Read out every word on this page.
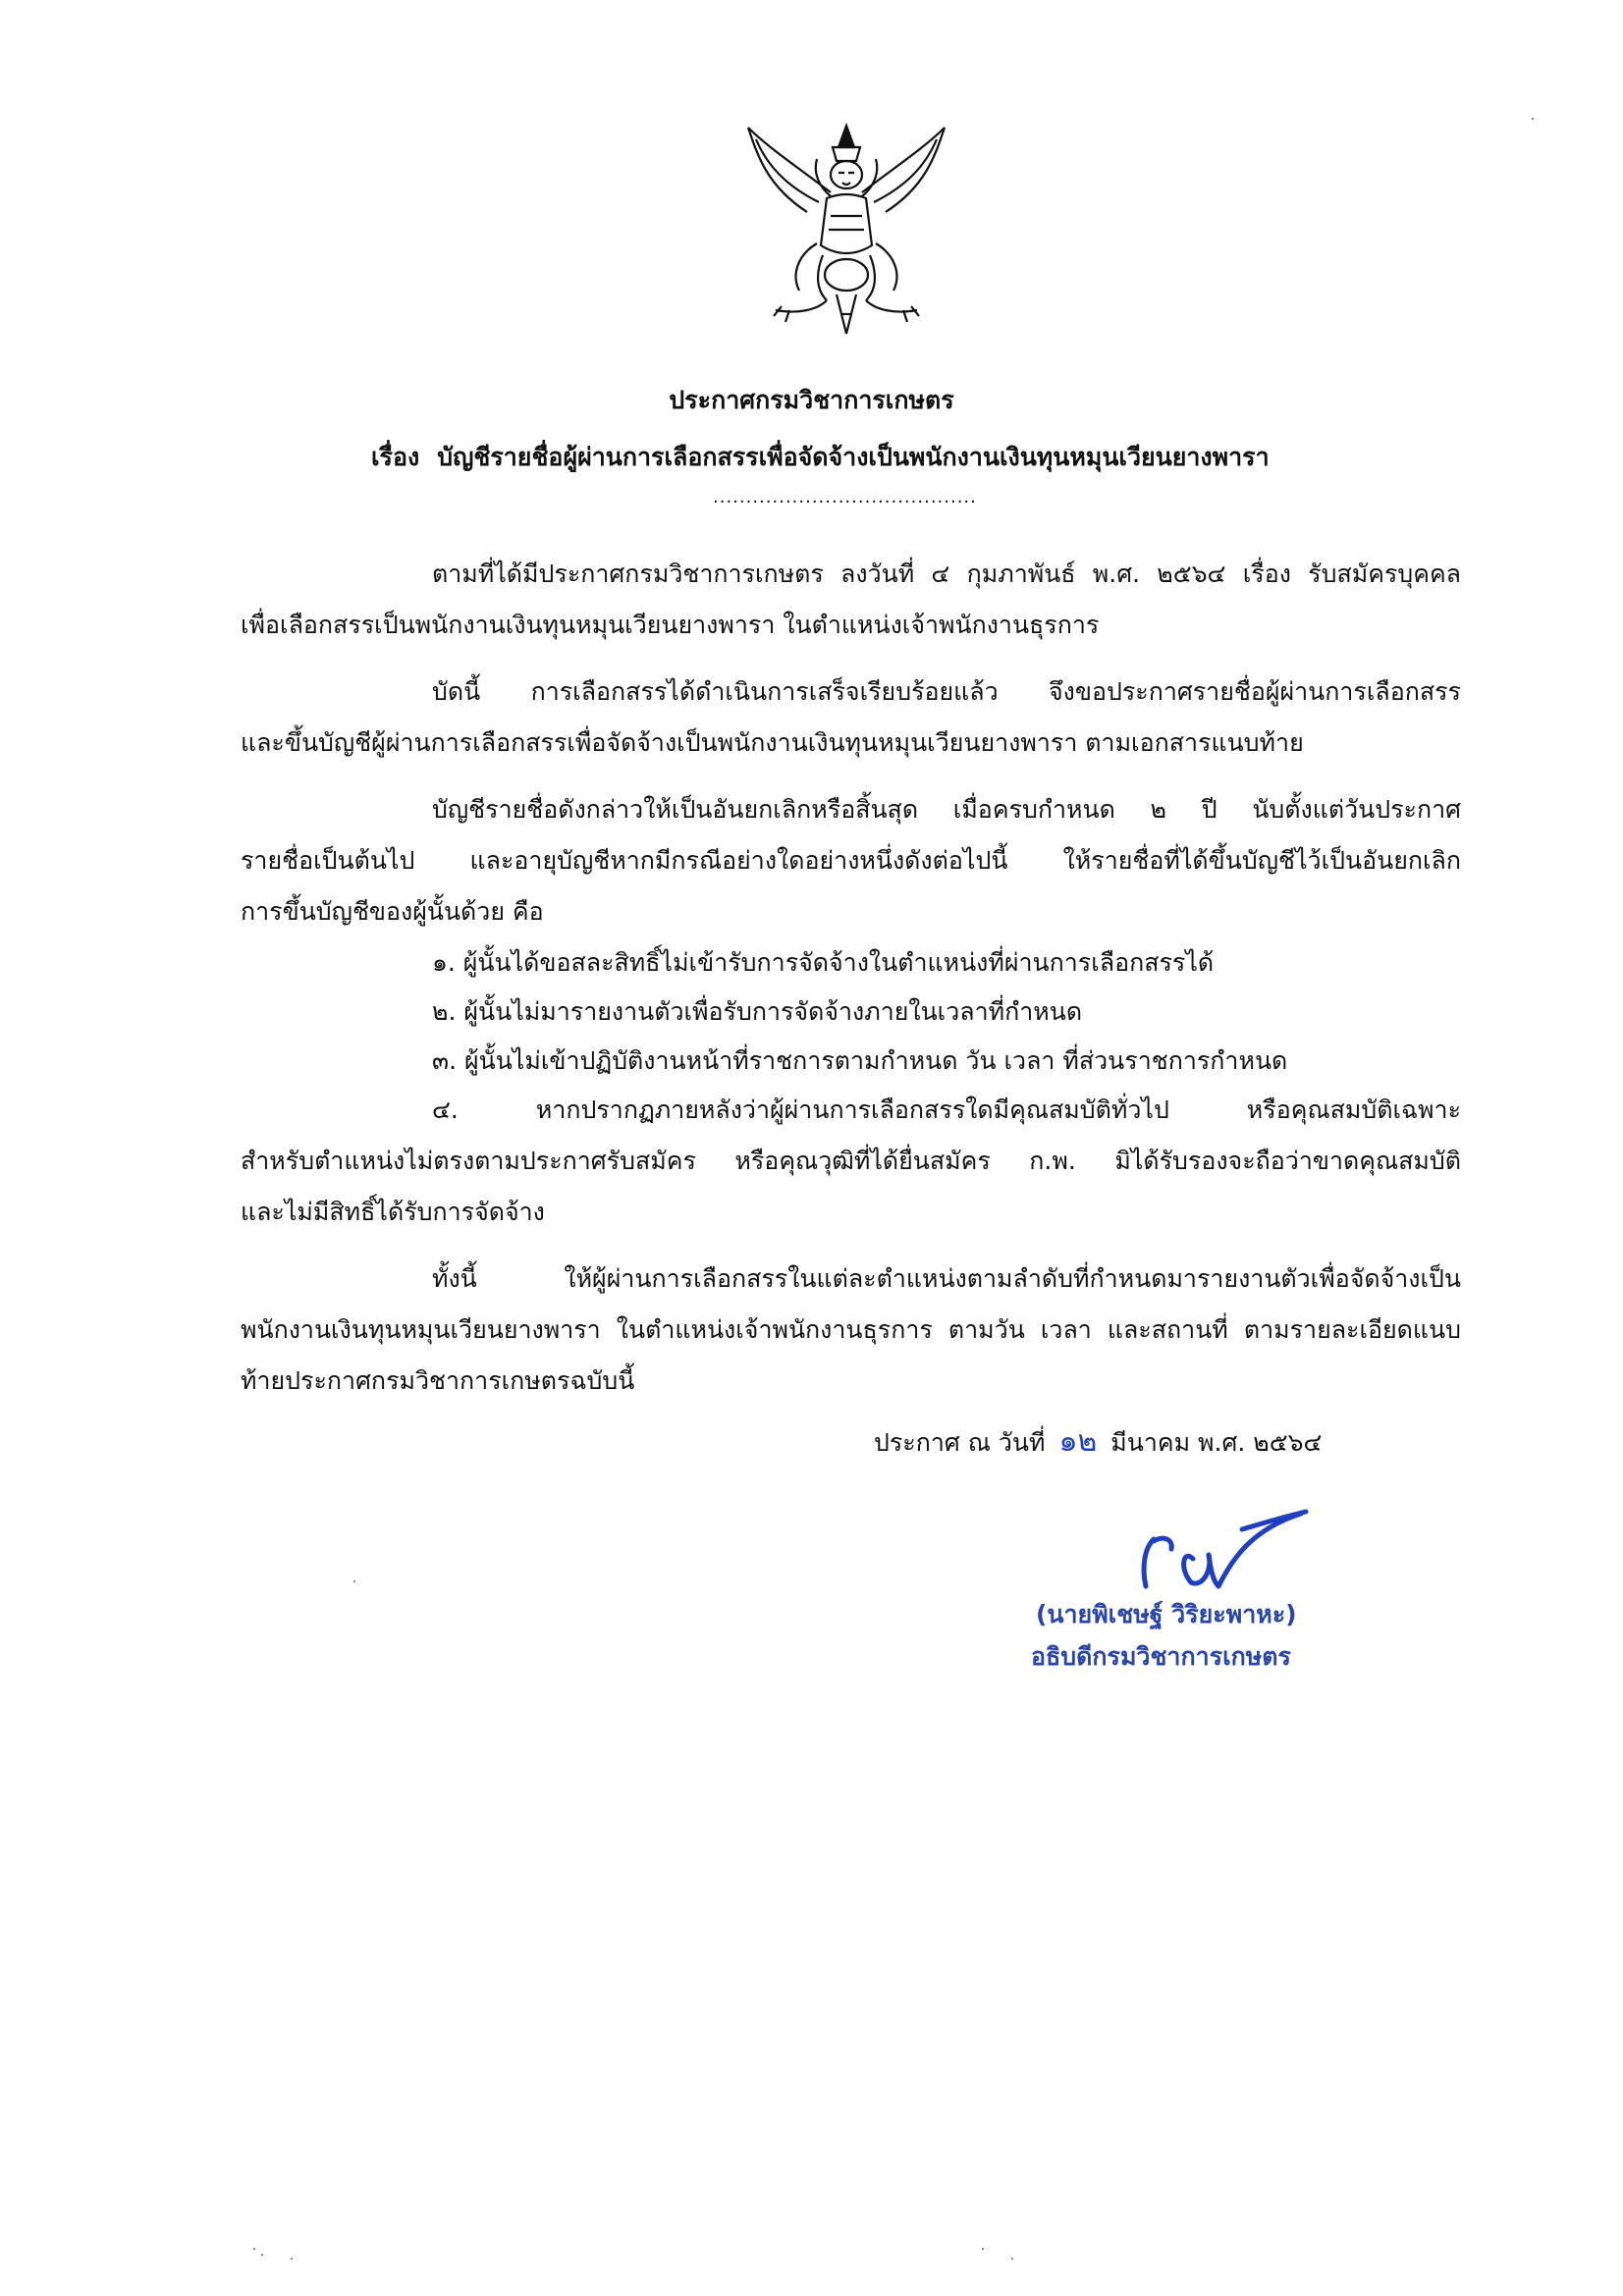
ประกาศกรมวิชาการเกษตร
เรื่อง บัญชีรายชื่อผู้ผ่านการเลือกสรรเพื่อจัดจ้างเป็นพนักงานเงินทุนหมุนเวียนยางพารา
........................................
ตามที่ได้มีประกาศกรมวิชาการเกษตร ลงวันที่ ๔ กุมภาพันธ์ พ.ศ. ๒๕๖๔ เรื่อง รับสมัครบุคคล
เพื่อเลือกสรรเป็นพนักงานเงินทุนหมุนเวียนยางพารา ในตำแหน่งเจ้าพนักงานธุรการ
บัดนี้ การเลือกสรรได้ดำเนินการเสร็จเรียบร้อยแล้ว จึงขอประกาศรายชื่อผู้ผ่านการเลือกสรร
และขึ้นบัญชีผู้ผ่านการเลือกสรรเพื่อจัดจ้างเป็นพนักงานเงินทุนหมุนเวียนยางพารา ตามเอกสารแนบท้าย
บัญชีรายชื่อดังกล่าวให้เป็นอันยกเลิกหรือสิ้นสุด เมื่อครบกำหนด ๒ ปี นับตั้งแต่วันประกาศ
รายชื่อเป็นต้นไป และอายุบัญชีหากมีกรณีอย่างใดอย่างหนึ่งดังต่อไปนี้ ให้รายชื่อที่ได้ขึ้นบัญชีไว้เป็นอันยกเลิก
การขึ้นบัญชีของผู้นั้นด้วย คือ
๑. ผู้นั้นได้ขอสละสิทธิ์ไม่เข้ารับการจัดจ้างในตำแหน่งที่ผ่านการเลือกสรรได้
๒. ผู้นั้นไม่มารายงานตัวเพื่อรับการจัดจ้างภายในเวลาที่กำหนด
๓. ผู้นั้นไม่เข้าปฏิบัติงานหน้าที่ราชการตามกำหนด วัน เวลา ที่ส่วนราชการกำหนด
๔. หากปรากฏภายหลังว่าผู้ผ่านการเลือกสรรใดมีคุณสมบัติทั่วไป หรือคุณสมบัติเฉพาะ
สำหรับตำแหน่งไม่ตรงตามประกาศรับสมัคร หรือคุณวุฒิที่ได้ยื่นสมัคร ก.พ. มิได้รับรองจะถือว่าขาดคุณสมบัติ
และไม่มีสิทธิ์ได้รับการจัดจ้าง
ทั้งนี้ ให้ผู้ผ่านการเลือกสรรในแต่ละตำแหน่งตามลำดับที่กำหนดมารายงานตัวเพื่อจัดจ้างเป็น
พนักงานเงินทุนหมุนเวียนยางพารา ในตำแหน่งเจ้าพนักงานธุรการ ตามวัน เวลา และสถานที่ ตามรายละเอียดแนบ
ท้ายประกาศกรมวิชาการเกษตรฉบับนี้
ประกาศ ณ วันที่ ๑๒ มีนาคม พ.ศ. ๒๕๖๔
(นายพิเชษฐ์ วิริยะพาหะ)
อธิบดีกรมวิชาการเกษตร
